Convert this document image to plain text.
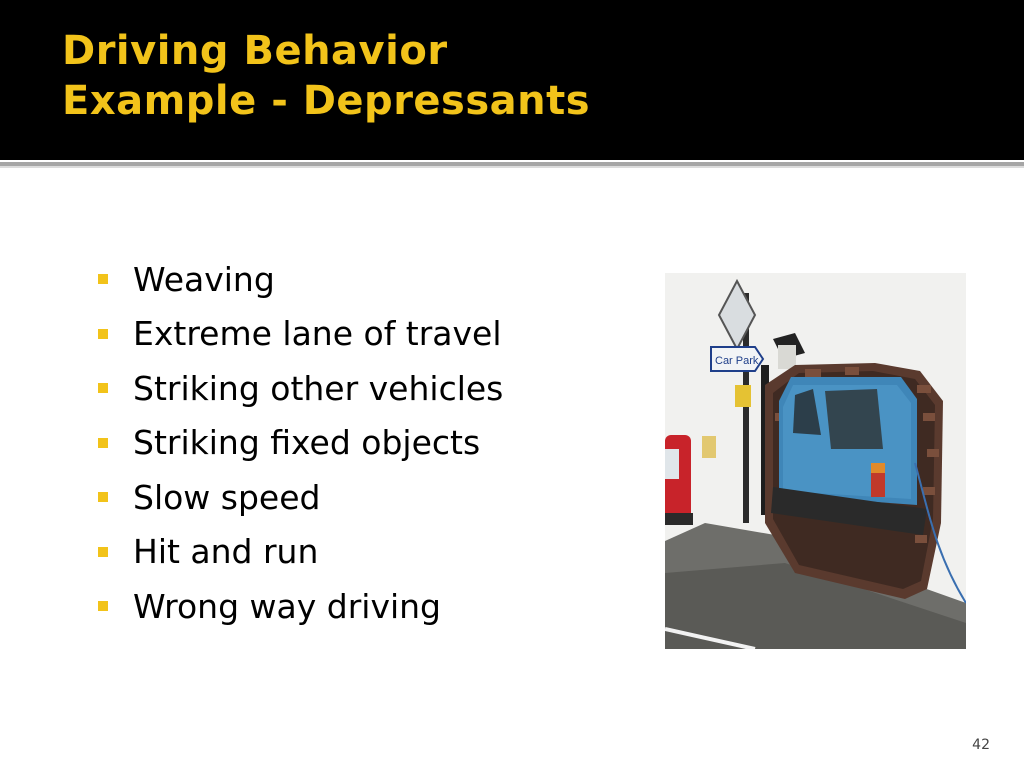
Driving Behavior
Example - Depressants
Weaving
Extreme lane of travel
Striking other vehicles
Striking fixed objects
Slow speed
Hit and run
Wrong way driving
Car Park
42
